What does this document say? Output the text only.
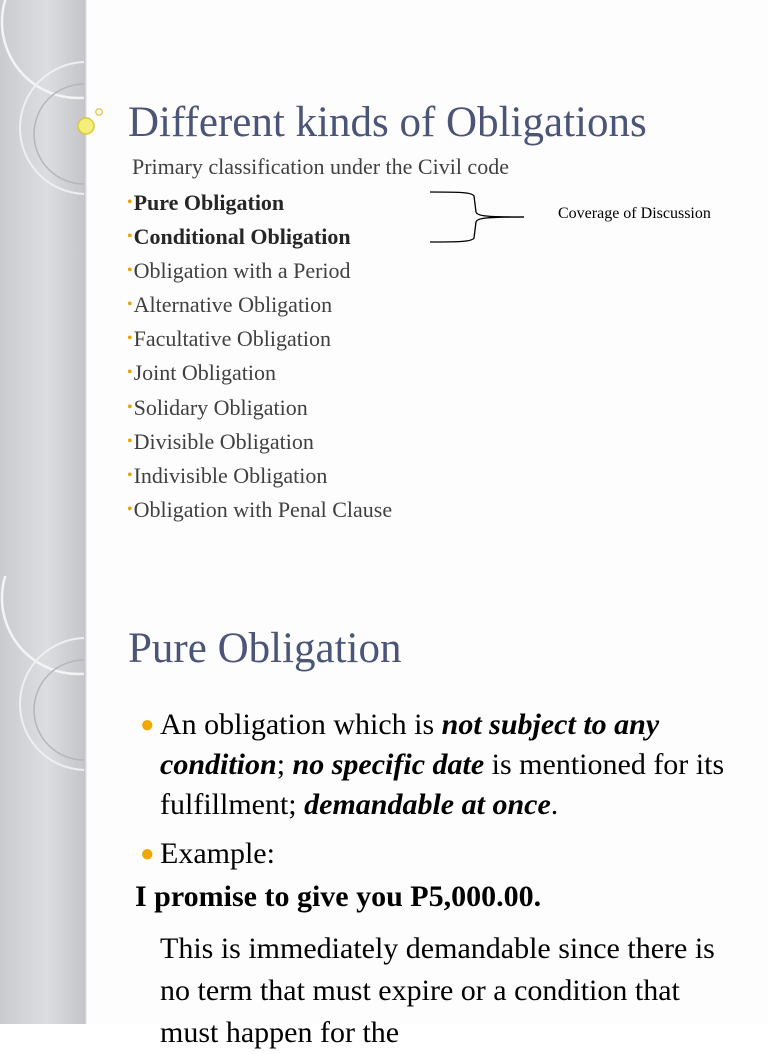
Different kinds of Obligations
Primary classification under the Civil code
•Pure Obligation
•Conditional Obligation
•Obligation with a Period
•Alternative Obligation
•Facultative Obligation
•Joint Obligation
•Solidary Obligation
•Divisible Obligation
•Indivisible Obligation
•Obligation with Penal Clause
Coverage of Discussion
Pure Obligation
● An obligation which is not subject to any condition; no specific date is mentioned for its fulfillment; demandable at once.
● Example:
I promise to give you P5,000.00.
This is immediately demandable since there is no term that must expire or a condition that must happen for the
